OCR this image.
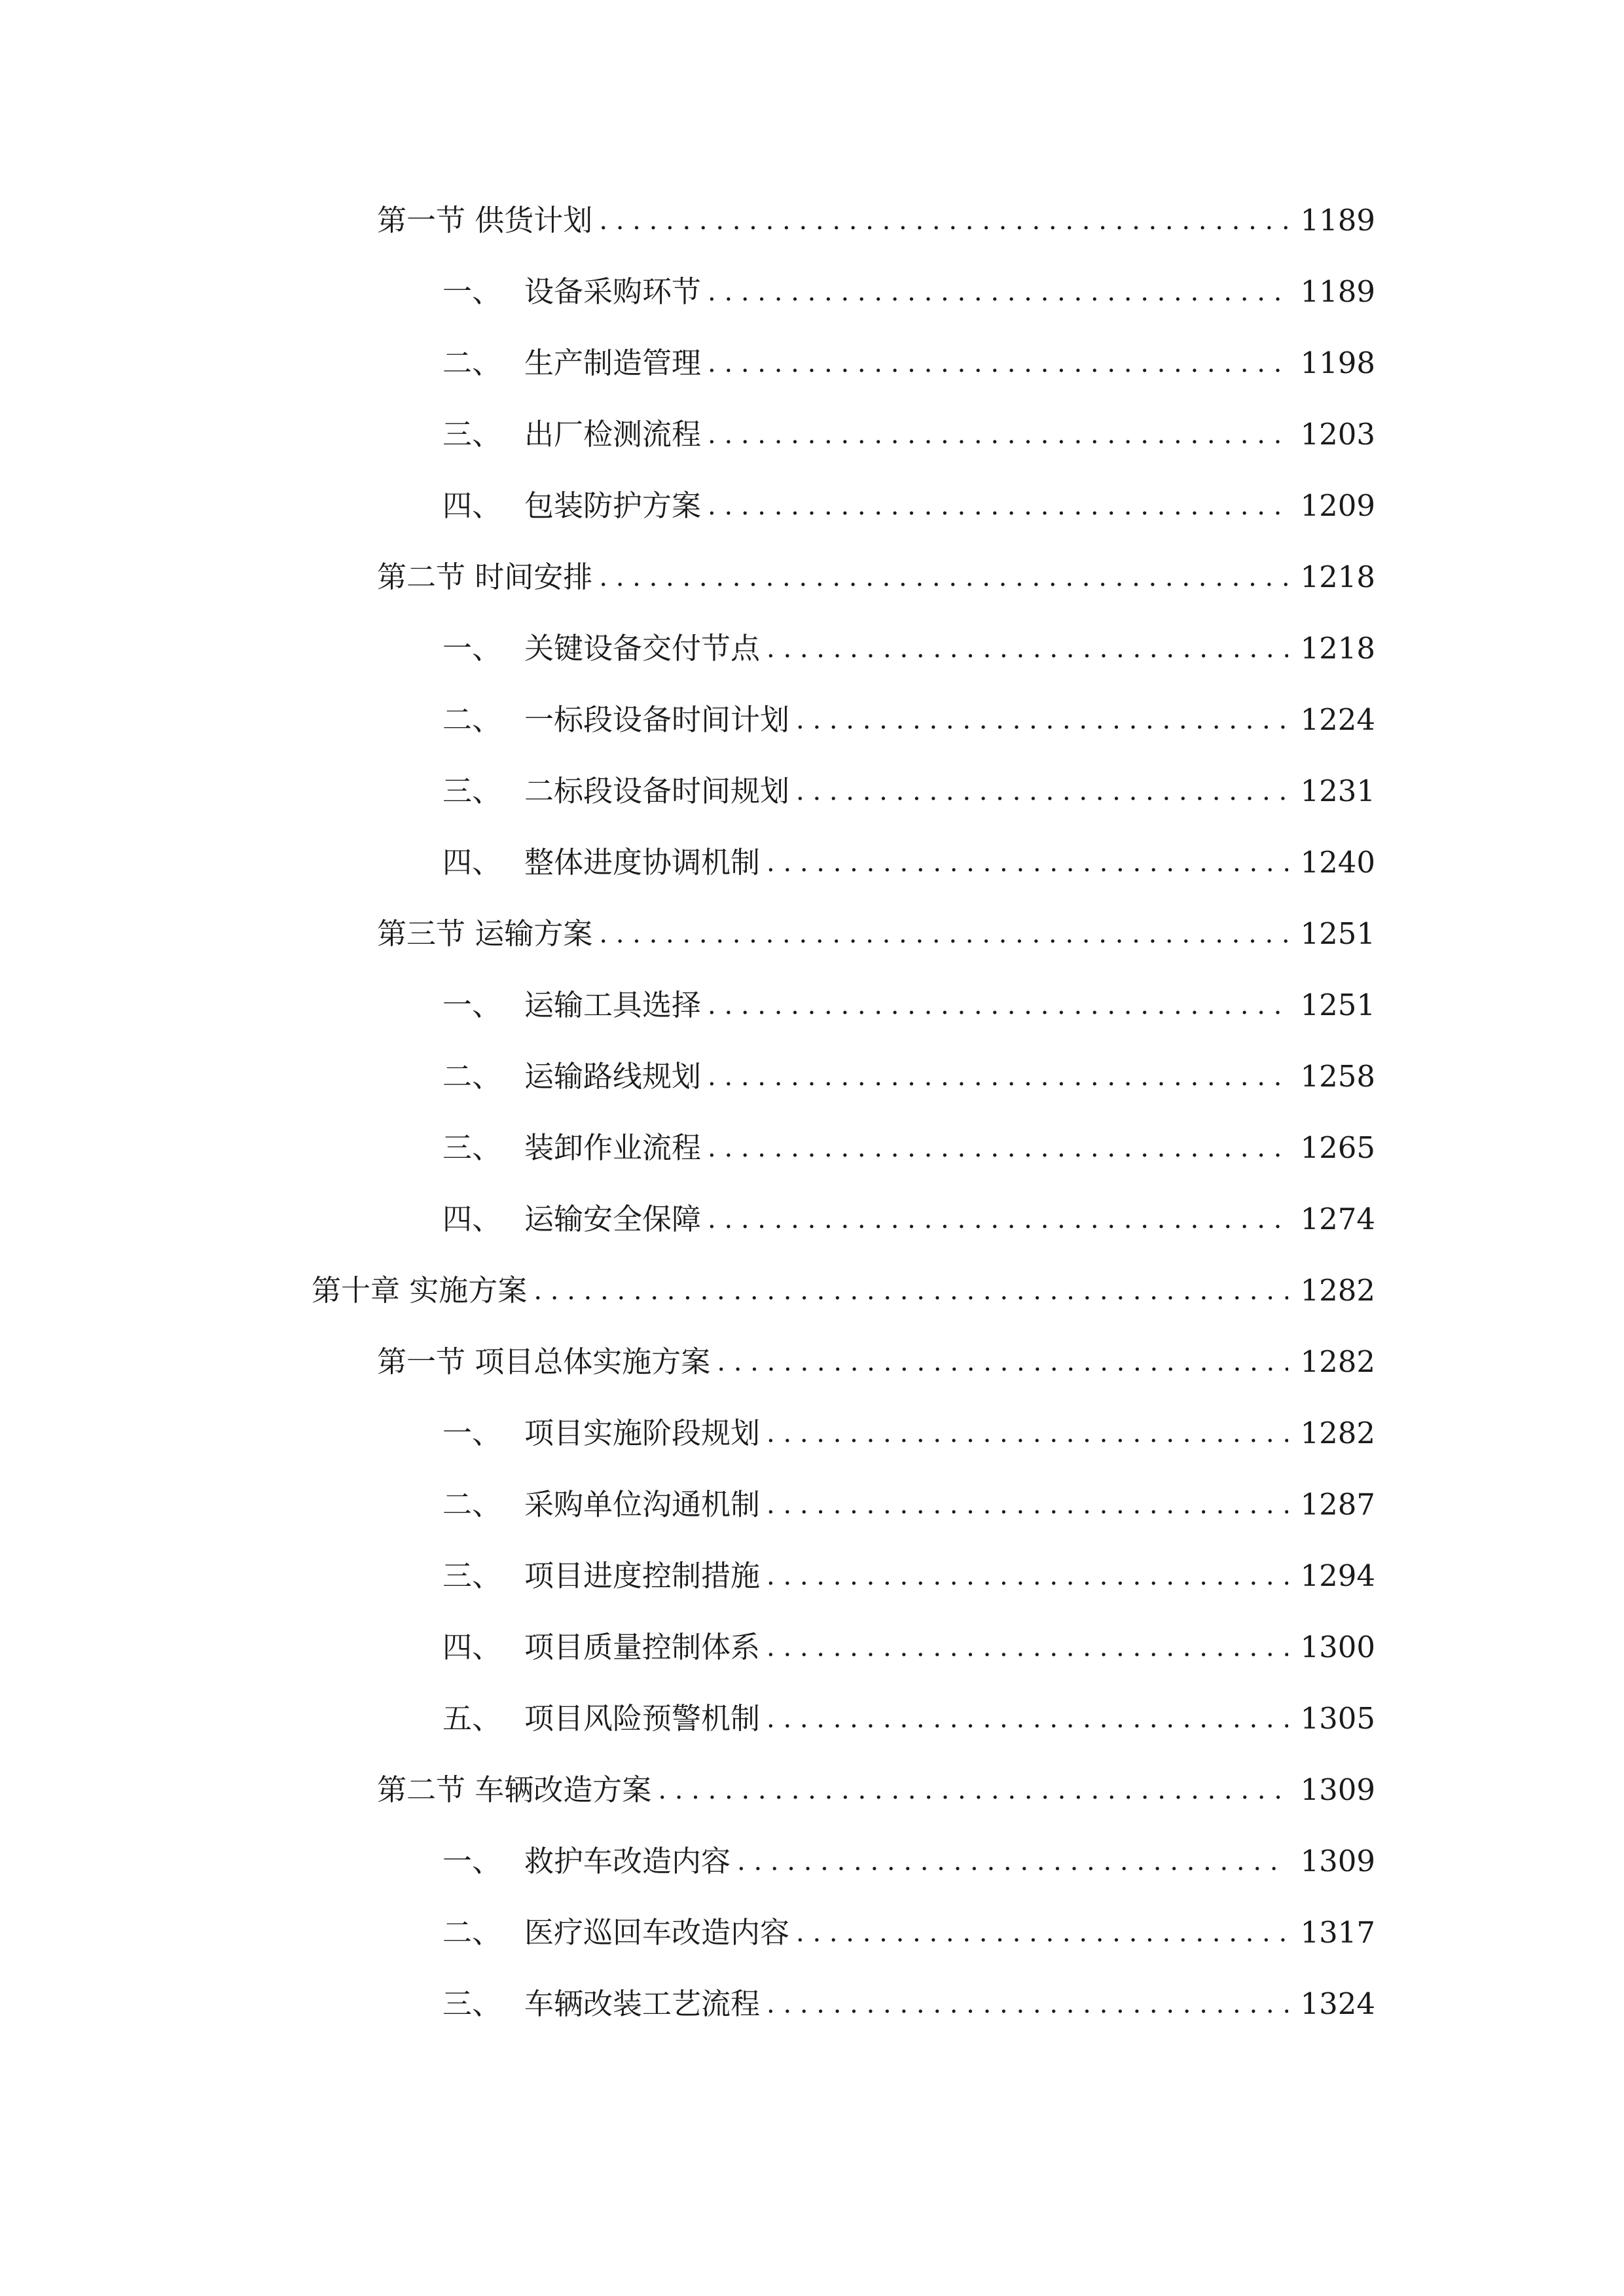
第一节 供货计划 . . .	1189
一、 设备采购环节 . . .	1189
二、 生产制造管理 . . .	1198
三、 出厂检测流程 . . .	1203
四、 包装防护方案 . . .	1209
第二节 时间安排 . . .	1218
一、 关键设备交付节点 . . .	1218
二、 一标段设备时间计划 . . .	1224
三、 二标段设备时间规划 . . .	1231
四、 整体进度协调机制 . . .	1240
第三节 运输方案 . . .	1251
一、 运输工具选择 . . .	1251
二、 运输路线规划 . . .	1258
三、 装卸作业流程 . . .	1265
四、 运输安全保障 . . .	1274
第十章 实施方案 . . .	1282
第一节 项目总体实施方案 . . .	1282
一、 项目实施阶段规划 . . .	1282
二、 采购单位沟通机制 . . .	1287
三、 项目进度控制措施 . . .	1294
四、 项目质量控制体系 . . .	1300
五、 项目风险预警机制 . . .	1305
第二节 车辆改造方案 . . .	1309
一、 救护车改造内容 . . .	1309
二、 医疗巡回车改造内容 . . .	1317
三、 车辆改装工艺流程 . . .	1324
